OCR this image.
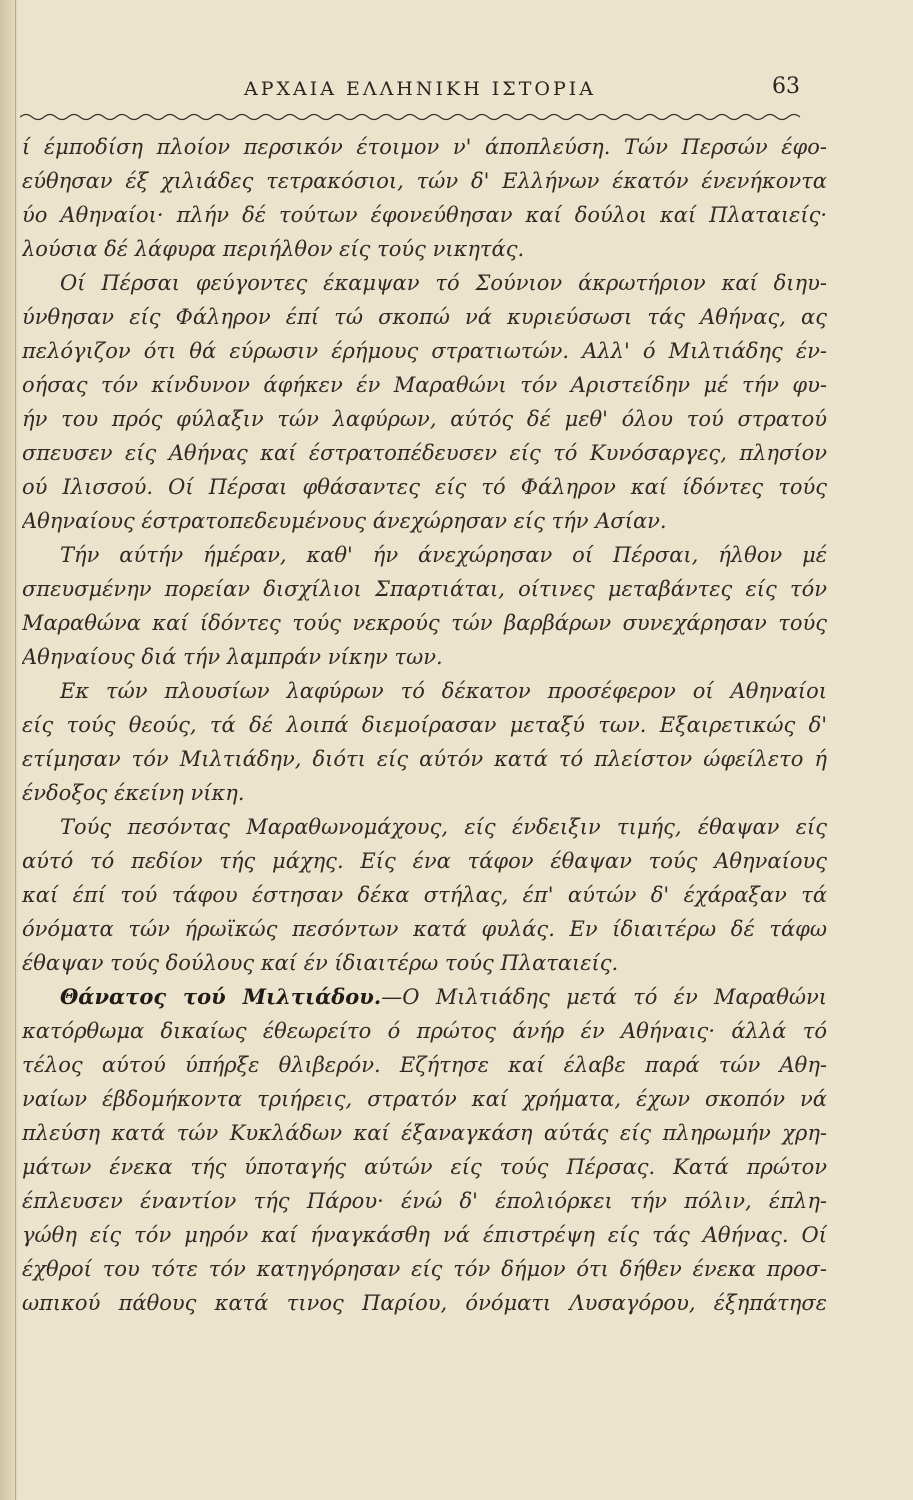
ΑΡΧΑΙΑ ΕΛΛΗΝΙΚΗ ΙΣΤΟΡΙΑ	63
ί έμποδίση πλοίον περσικόν έτοιμον ν' άποπλεύση. Τών Περσών έφο-
εύθησαν έξ χιλιάδες τετρακόσιοι, τών δ' Ελλήνων έκατόν ένενήκοντα
ύο Αθηναίοι· πλήν δέ τούτων έφονεύθησαν καί δούλοι καί Πλαταιείς·
λούσια δέ λάφυρα περιήλθον είς τούς νικητάς.
Οί Πέρσαι φεύγοντες έκαμψαν τό Σούνιον άκρωτήριον καί διηυ-
ύνθησαν είς Φάληρον έπί τώ σκοπώ νά κυριεύσωσι τάς Αθήνας, ας
πελόγιζον ότι θά εύρωσιν έρήμους στρατιωτών. Αλλ' ό Μιλτιάδης έν-
οήσας τόν κίνδυνον άφήκεν έν Μαραθώνι τόν Αριστείδην μέ τήν φυ-
ήν του πρός φύλαξιν τών λαφύρων, αύτός δέ μεθ' όλου τού στρατού
σπευσεν είς Αθήνας καί έστρατοπέδευσεν είς τό Κυνόσαργες, πλησίον
ού Ιλισσού. Οί Πέρσαι φθάσαντες είς τό Φάληρον καί ίδόντες τούς
Αθηναίους έστρατοπεδευμένους άνεχώρησαν είς τήν Ασίαν.
Τήν αύτήν ήμέραν, καθ' ήν άνεχώρησαν οί Πέρσαι, ήλθον μέ
σπευσμένην πορείαν δισχίλιοι Σπαρτιάται, οίτινες μεταβάντες είς τόν
Μαραθώνα καί ίδόντες τούς νεκρούς τών βαρβάρων συνεχάρησαν τούς
Αθηναίους διά τήν λαμπράν νίκην των.
Εκ τών πλουσίων λαφύρων τό δέκατον προσέφερον οί Αθηναίοι
είς τούς θεούς, τά δέ λοιπά διεμοίρασαν μεταξύ των. Εξαιρετικώς δ'
ετίμησαν τόν Μιλτιάδην, διότι είς αύτόν κατά τό πλείστον ώφείλετο ή
ένδοξος έκείνη νίκη.
Τούς πεσόντας Μαραθωνομάχους, είς ένδειξιν τιμής, έθαψαν είς
αύτό τό πεδίον τής μάχης. Είς ένα τάφον έθαψαν τούς Αθηναίους
καί έπί τού τάφου έστησαν δέκα στήλας, έπ' αύτών δ' έχάραξαν τά
όνόματα τών ήρωϊκώς πεσόντων κατά φυλάς. Εν ίδιαιτέρω δέ τάφω
έθαψαν τούς δούλους καί έν ίδιαιτέρω τούς Πλαταιείς.
Θάνατος τού Μιλτιάδου.—Ο Μιλτιάδης μετά τό έν Μαραθώνι
κατόρθωμα δικαίως έθεωρείτο ό πρώτος άνήρ έν Αθήναις· άλλά τό
τέλος αύτού ύπήρξε θλιβερόν. Εζήτησε καί έλαβε παρά τών Αθη-
ναίων έβδομήκοντα τριήρεις, στρατόν καί χρήματα, έχων σκοπόν νά
πλεύση κατά τών Κυκλάδων καί έξαναγκάση αύτάς είς πληρωμήν χρη-
μάτων ένεκα τής ύποταγής αύτών είς τούς Πέρσας. Κατά πρώτον
έπλευσεν έναντίον τής Πάρου· ένώ δ' έπολιόρκει τήν πόλιν, έπλη-
γώθη είς τόν μηρόν καί ήναγκάσθη νά έπιστρέψη είς τάς Αθήνας. Οί
έχθροί του τότε τόν κατηγόρησαν είς τόν δήμον ότι δήθεν ένεκα προσ-
ωπικού πάθους κατά τινος Παρίου, όνόματι Λυσαγόρου, έξηπάτησε
